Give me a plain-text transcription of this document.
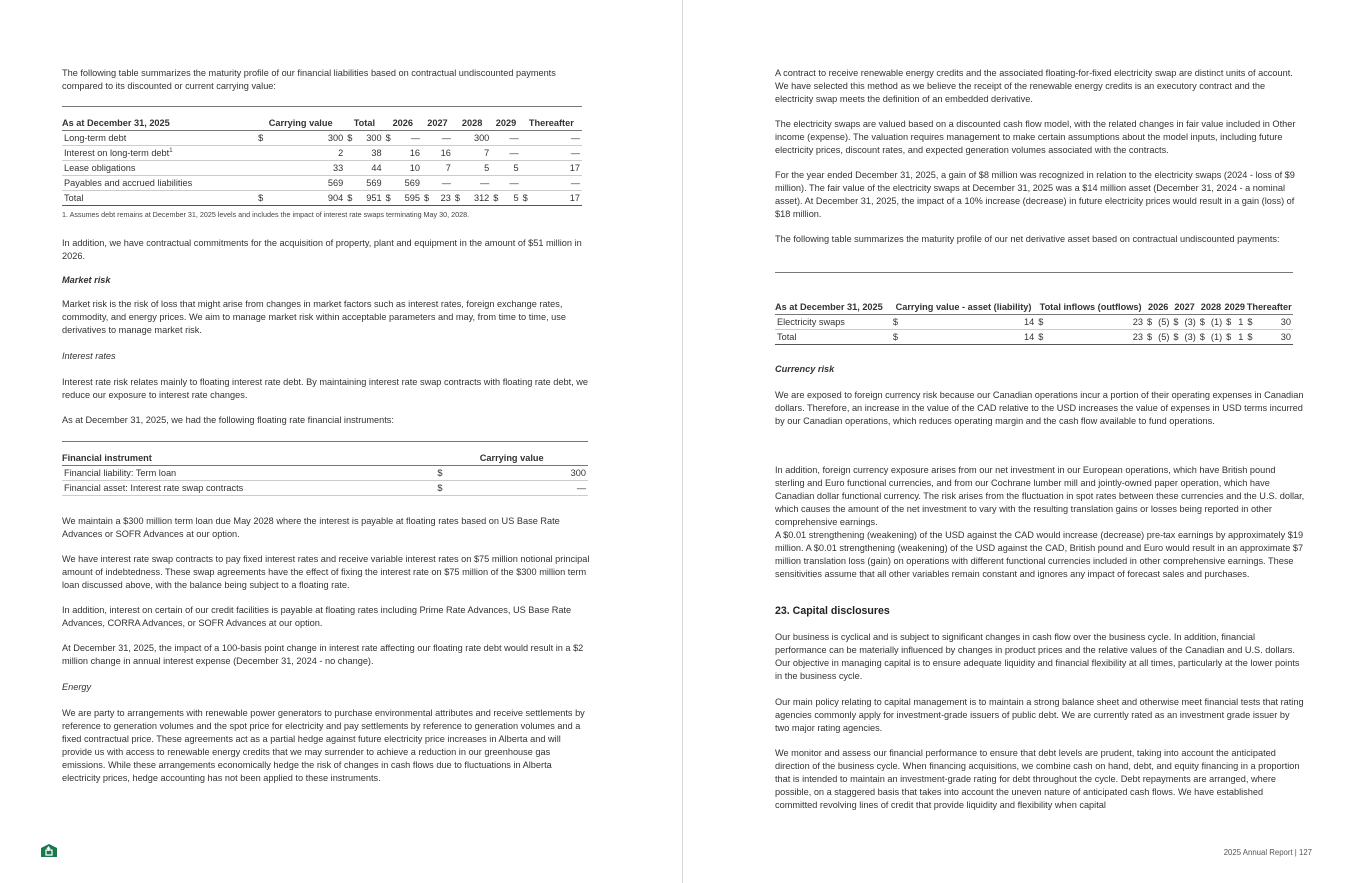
The following table summarizes the maturity profile of our financial liabilities based on contractual undiscounted payments compared to its discounted or current carrying value:

As at December 31, 2025	Carrying value		Total		2026		2027		2028		2029		Thereafter	
Long-term debt	$	300	$	300	$	—		—		300		—		—
Interest on long-term debt$^1$		2		38		16		16		7		—		—
Lease obligations		33		44		10		7		5		5		17
Payables and accrued liabilities		569		569		569		—		—		—		—
Total	$	904	$	951	$	595	$	23	$	312	$	5	$	17
1. Assumes debt remains at December 31, 2025 levels and includes the impact of interest rate swaps terminating May 30, 2028.

In addition, we have contractual commitments for the acquisition of property, plant and equipment in the amount of $51 million in 2026.

Market risk

Market risk is the risk of loss that might arise from changes in market factors such as interest rates, foreign exchange rates, commodity, and energy prices. We aim to manage market risk within acceptable parameters and may, from time to time, use derivatives to manage market risk.

Interest rates

Interest rate risk relates mainly to floating interest rate debt. By maintaining interest rate swap contracts with floating rate debt, we reduce our exposure to interest rate changes.

As at December 31, 2025, we had the following floating rate financial instruments:

Financial instrument	Carrying value	
Financial liability: Term loan	$	300
Financial asset: Interest rate swap contracts	$	—

We maintain a $300 million term loan due May 2028 where the interest is payable at floating rates based on US Base Rate Advances or SOFR Advances at our option.

We have interest rate swap contracts to pay fixed interest rates and receive variable interest rates on $75 million notional principal amount of indebtedness. These swap agreements have the effect of fixing the interest rate on $75 million of the $300 million term loan discussed above, with the balance being subject to a floating rate.

In addition, interest on certain of our credit facilities is payable at floating rates including Prime Rate Advances, US Base Rate Advances, CORRA Advances, or SOFR Advances at our option.

At December 31, 2025, the impact of a 100-basis point change in interest rate affecting our floating rate debt would result in a $2 million change in annual interest expense (December 31, 2024 - no change).

Energy

We are party to arrangements with renewable power generators to purchase environmental attributes and receive settlements by reference to generation volumes and the spot price for electricity and pay settlements by reference to generation volumes and a fixed contractual price. These agreements act as a partial hedge against future electricity price increases in Alberta and will provide us with access to renewable energy credits that we may surrender to achieve a reduction in our greenhouse gas emissions. While these arrangements economically hedge the risk of changes in cash flows due to fluctuations in Alberta electricity prices, hedge accounting has not been applied to these instruments.

A contract to receive renewable energy credits and the associated floating-for-fixed electricity swap are distinct units of account. We have selected this method as we believe the receipt of the renewable energy credits is an executory contract and the electricity swap meets the definition of an embedded derivative.

The electricity swaps are valued based on a discounted cash flow model, with the related changes in fair value included in Other income (expense). The valuation requires management to make certain assumptions about the model inputs, including future electricity prices, discount rates, and expected generation volumes associated with the contracts.

For the year ended December 31, 2025, a gain of $8 million was recognized in relation to the electricity swaps (2024 - loss of $9 million). The fair value of the electricity swaps at December 31, 2025 was a $14 million asset (December 31, 2024 - a nominal asset). At December 31, 2025, the impact of a 10% increase (decrease) in future electricity prices would result in a gain (loss) of $18 million.

The following table summarizes the maturity profile of our net derivative asset based on contractual undiscounted payments:

As at December 31, 2025	Carrying value - asset (liability)		Total inflows (outflows)		2026		2027		2028		2029		Thereafter	
Electricity swaps	$	14	$	23	$	(5)	$	(3)	$	(1)	$	1	$	30
Total	$	14	$	23	$	(5)	$	(3)	$	(1)	$	1	$	30

Currency risk

We are exposed to foreign currency risk because our Canadian operations incur a portion of their operating expenses in Canadian dollars. Therefore, an increase in the value of the CAD relative to the USD increases the value of expenses in USD terms incurred by our Canadian operations, which reduces operating margin and the cash flow available to fund operations.

In addition, foreign currency exposure arises from our net investment in our European operations, which have British pound sterling and Euro functional currencies, and from our Cochrane lumber mill and jointly-owned paper operation, which have Canadian dollar functional currency. The risk arises from the fluctuation in spot rates between these currencies and the U.S. dollar, which causes the amount of the net investment to vary with the resulting translation gains or losses being reported in other comprehensive earnings.

A $0.01 strengthening (weakening) of the USD against the CAD would increase (decrease) pre-tax earnings by approximately $19 million. A $0.01 strengthening (weakening) of the USD against the CAD, British pound and Euro would result in an approximate $7 million translation loss (gain) on operations with different functional currencies included in other comprehensive earnings. These sensitivities assume that all other variables remain constant and ignores any impact of forecast sales and purchases.

23. Capital disclosures

Our business is cyclical and is subject to significant changes in cash flow over the business cycle. In addition, financial performance can be materially influenced by changes in product prices and the relative values of the Canadian and U.S. dollars. Our objective in managing capital is to ensure adequate liquidity and financial flexibility at all times, particularly at the lower points in the business cycle.

Our main policy relating to capital management is to maintain a strong balance sheet and otherwise meet financial tests that rating agencies commonly apply for investment-grade issuers of public debt. We are currently rated as an investment grade issuer by two major rating agencies.

We monitor and assess our financial performance to ensure that debt levels are prudent, taking into account the anticipated direction of the business cycle. When financing acquisitions, we combine cash on hand, debt, and equity financing in a proportion that is intended to maintain an investment-grade rating for debt throughout the cycle. Debt repayments are arranged, where possible, on a staggered basis that takes into account the uneven nature of anticipated cash flows. We have established committed revolving lines of credit that provide liquidity and flexibility when capital

2025 Annual Report | 127
